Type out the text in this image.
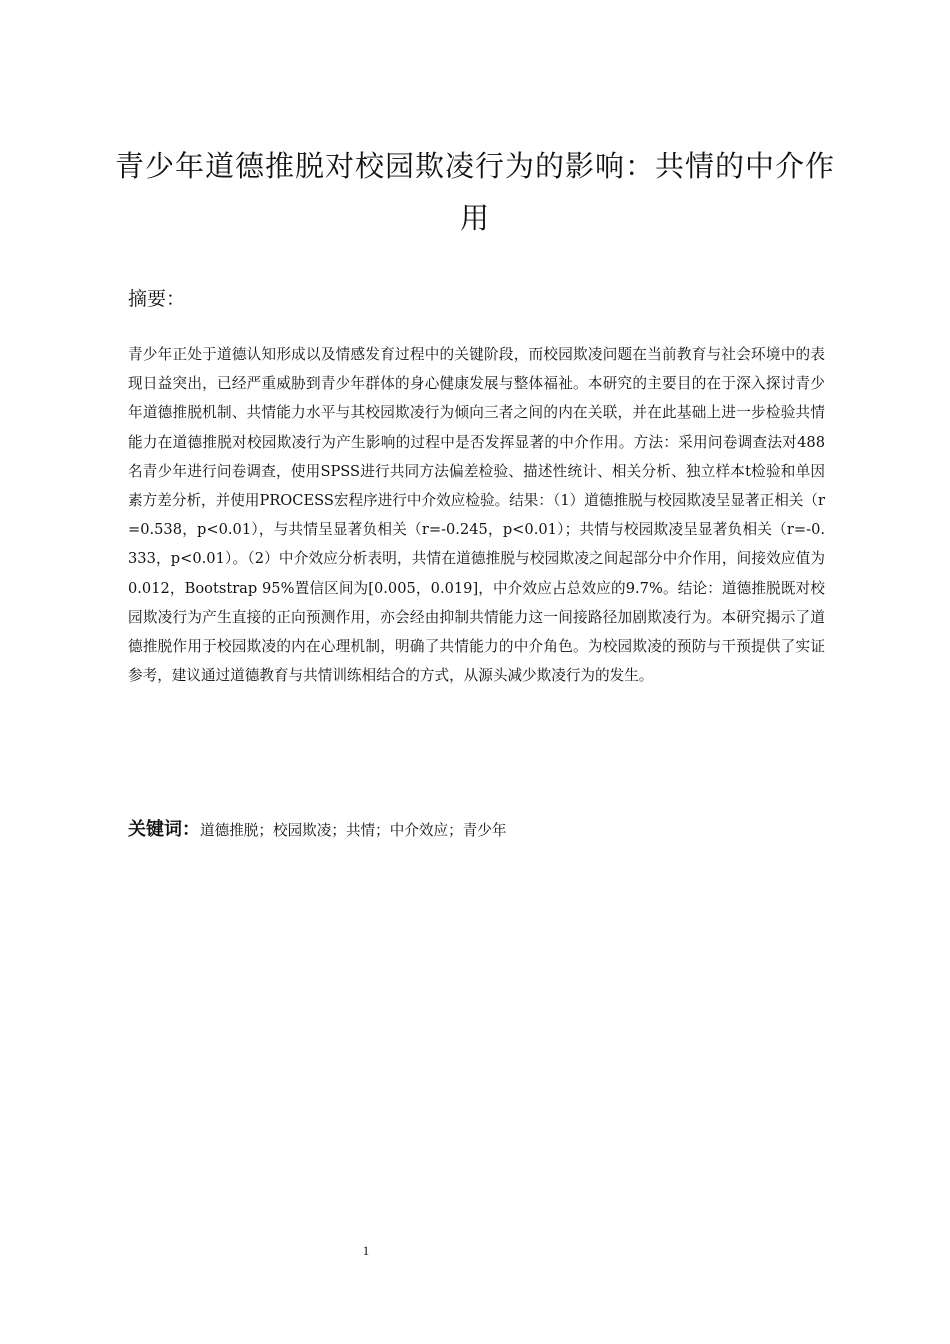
青少年道德推脱对校园欺凌行为的影响：共情的中介作用
摘要：

青少年正处于道德认知形成以及情感发育过程中的关键阶段，而校园欺凌问题在当前教育与社会环境中的表现日益突出，已经严重威胁到青少年群体的身心健康发展与整体福祉。本研究的主要目的在于深入探讨青少年道德推脱机制、共情能力水平与其校园欺凌行为倾向三者之间的内在关联，并在此基础上进一步检验共情能力在道德推脱对校园欺凌行为产生影响的过程中是否发挥显著的中介作用。方法：采用问卷调查法对488名青少年进行问卷调查，使用SPSS进行共同方法偏差检验、描述性统计、相关分析、独立样本t检验和单因素方差分析，并使用PROCESS宏程序进行中介效应检验。结果：（1）道德推脱与校园欺凌呈显著正相关（r=0.538，p<0.01），与共情呈显著负相关（r=-0.245，p<0.01）；共情与校园欺凌呈显著负相关（r=-0.333，p<0.01）。（2）中介效应分析表明，共情在道德推脱与校园欺凌之间起部分中介作用，间接效应值为0.012，Bootstrap 95%置信区间为[0.005，0.019]，中介效应占总效应的9.7%。结论：道德推脱既对校园欺凌行为产生直接的正向预测作用，亦会经由抑制共情能力这一间接路径加剧欺凌行为。本研究揭示了道德推脱作用于校园欺凌的内在心理机制，明确了共情能力的中介角色。为校园欺凌的预防与干预提供了实证参考，建议通过道德教育与共情训练相结合的方式，从源头减少欺凌行为的发生。

关键词：道德推脱；校园欺凌；共情；中介效应；青少年

1
